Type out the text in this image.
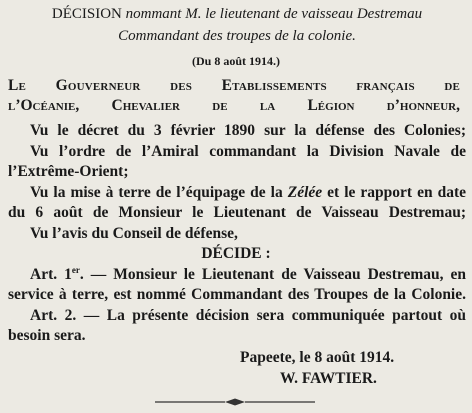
DÉCISION nommant M. le lieutenant de vaisseau Destremau
Commandant des troupes de la colonie.
(Du 8 août 1914.)
Le Gouverneur des Etablissements français de
l’Océanie, Chevalier de la Légion d’honneur,
Vu le décret du 3 février 1890 sur la défense des Colonies;
Vu l’ordre de l’Amiral commandant la Division Navale de
l’Extrême-Orient;
Vu la mise à terre de l’équipage de la Zélée et le rapport en date
du 6 août de Monsieur le Lieutenant de Vaisseau Destremau;
Vu l’avis du Conseil de défense,
DÉCIDE :
Art. 1er. — Monsieur le Lieutenant de Vaisseau Destremau, en
service à terre, est nommé Commandant des Troupes de la Colonie.
Art. 2. — La présente décision sera communiquée partout où
besoin sera.
Papeete, le 8 août 1914.
W. FAWTIER.
